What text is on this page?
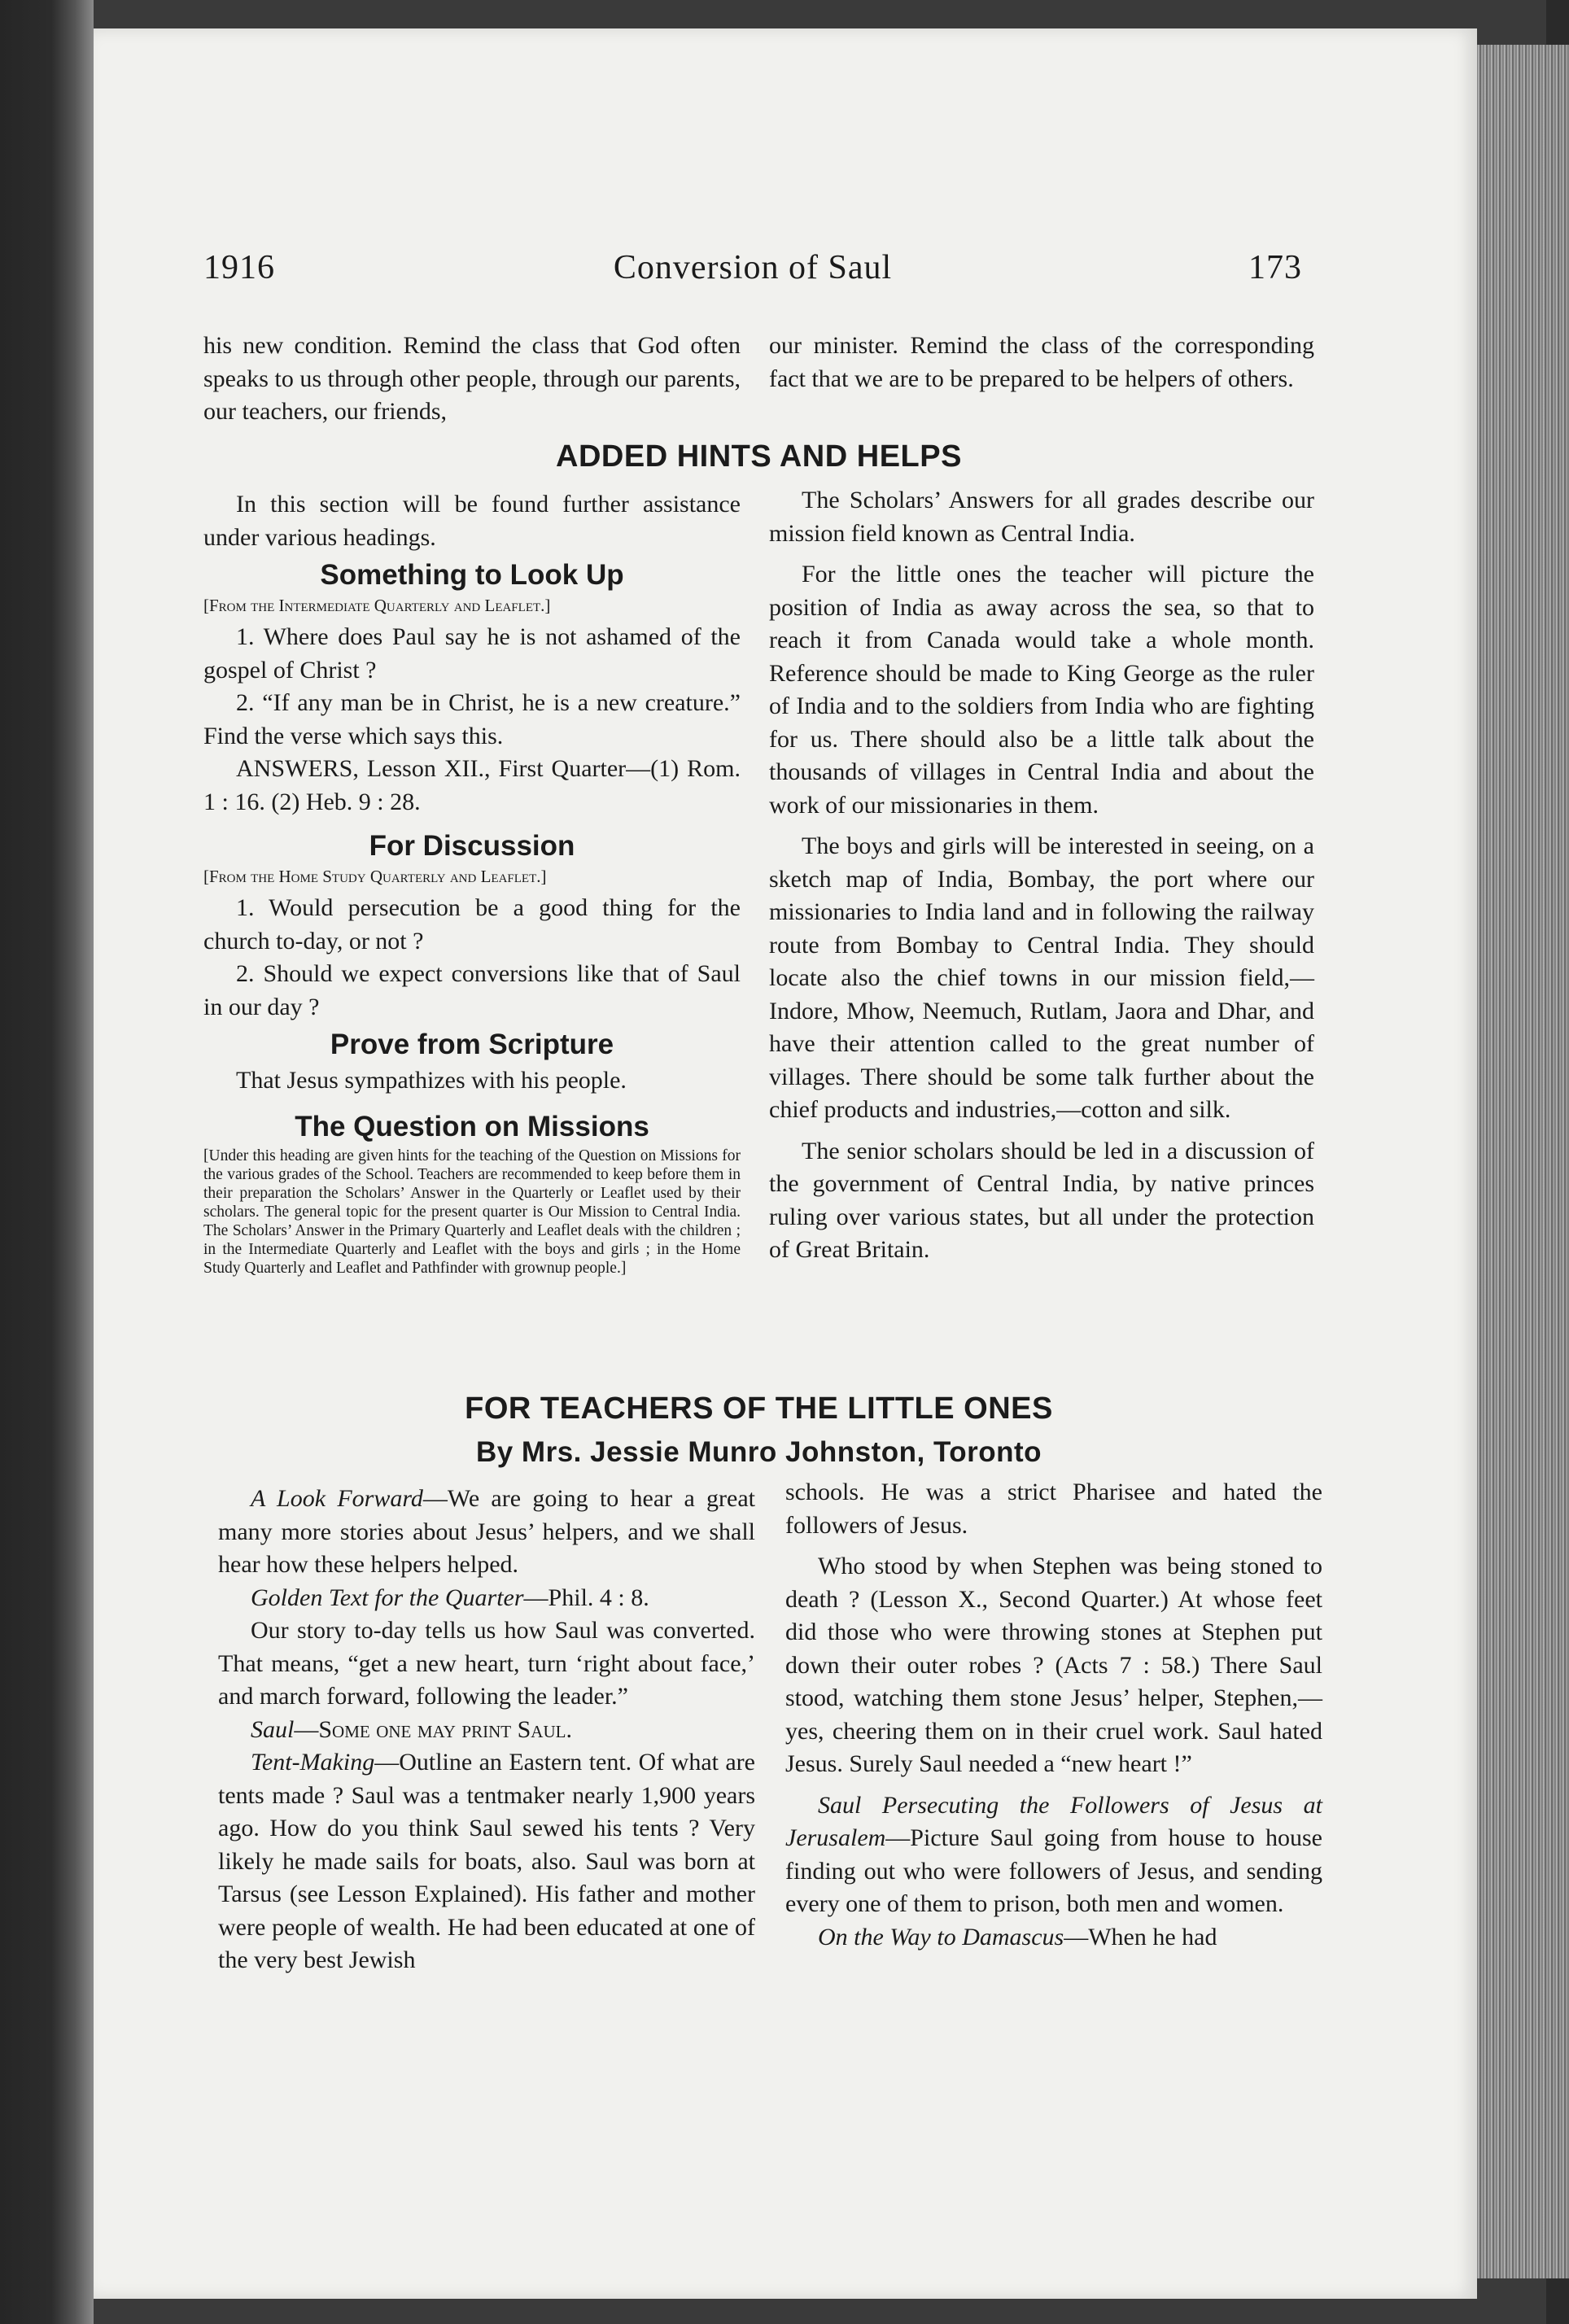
1916	Conversion of Saul	173

his new condition. Remind the class that God often speaks to us through other people, through our parents, our teachers, our friends,

our minister. Remind the class of the corresponding fact that we are to be prepared to be helpers of others.

ADDED HINTS AND HELPS

In this section will be found further assistance under various headings.

Something to Look Up

[From the Intermediate Quarterly and Leaflet.]

1. Where does Paul say he is not ashamed of the gospel of Christ ?

2. “If any man be in Christ, he is a new creature.” Find the verse which says this.

ANSWERS, Lesson XII., First Quarter—(1) Rom. 1 : 16. (2) Heb. 9 : 28.

For Discussion

[From the Home Study Quarterly and Leaflet.]

1. Would persecution be a good thing for the church to-day, or not ?

2. Should we expect conversions like that of Saul in our day ?

Prove from Scripture

That Jesus sympathizes with his people.

The Question on Missions

[Under this heading are given hints for the teaching of the Question on Missions for the various grades of the School. Teachers are recommended to keep before them in their preparation the Scholars’ Answer in the Quarterly or Leaflet used by their scholars. The general topic for the present quarter is Our Mission to Central India. The Scholars’ Answer in the Primary Quarterly and Leaflet deals with the children ; in the Intermediate Quarterly and Leaflet with the boys and girls ; in the Home Study Quarterly and Leaflet and Pathfinder with grownup people.]

The Scholars’ Answers for all grades describe our mission field known as Central India.

For the little ones the teacher will picture the position of India as away across the sea, so that to reach it from Canada would take a whole month. Reference should be made to King George as the ruler of India and to the soldiers from India who are fighting for us. There should also be a little talk about the thousands of villages in Central India and about the work of our missionaries in them.

The boys and girls will be interested in seeing, on a sketch map of India, Bombay, the port where our missionaries to India land and in following the railway route from Bombay to Central India. They should locate also the chief towns in our mission field,—Indore, Mhow, Neemuch, Rutlam, Jaora and Dhar, and have their attention called to the great number of villages. There should be some talk further about the chief products and industries,—cotton and silk.

The senior scholars should be led in a discussion of the government of Central India, by native princes ruling over various states, but all under the protection of Great Britain.

FOR TEACHERS OF THE LITTLE ONES
By Mrs. Jessie Munro Johnston, Toronto

A Look Forward—We are going to hear a great many more stories about Jesus’ helpers, and we shall hear how these helpers helped.

Golden Text for the Quarter—Phil. 4 : 8.

Our story to-day tells us how Saul was converted. That means, “get a new heart, turn ‘right about face,’ and march forward, following the leader.”

Saul—Some one may print Saul.

Tent-Making—Outline an Eastern tent. Of what are tents made ? Saul was a tentmaker nearly 1,900 years ago. How do you think Saul sewed his tents ? Very likely he made sails for boats, also. Saul was born at Tarsus (see Lesson Explained). His father and mother were people of wealth. He had been educated at one of the very best Jewish

schools. He was a strict Pharisee and hated the followers of Jesus.

Who stood by when Stephen was being stoned to death ? (Lesson X., Second Quarter.) At whose feet did those who were throwing stones at Stephen put down their outer robes ? (Acts 7 : 58.) There Saul stood, watching them stone Jesus’ helper, Stephen,—yes, cheering them on in their cruel work. Saul hated Jesus. Surely Saul needed a “new heart !”

Saul Persecuting the Followers of Jesus at Jerusalem—Picture Saul going from house to house finding out who were followers of Jesus, and sending every one of them to prison, both men and women.

On the Way to Damascus—When he had
